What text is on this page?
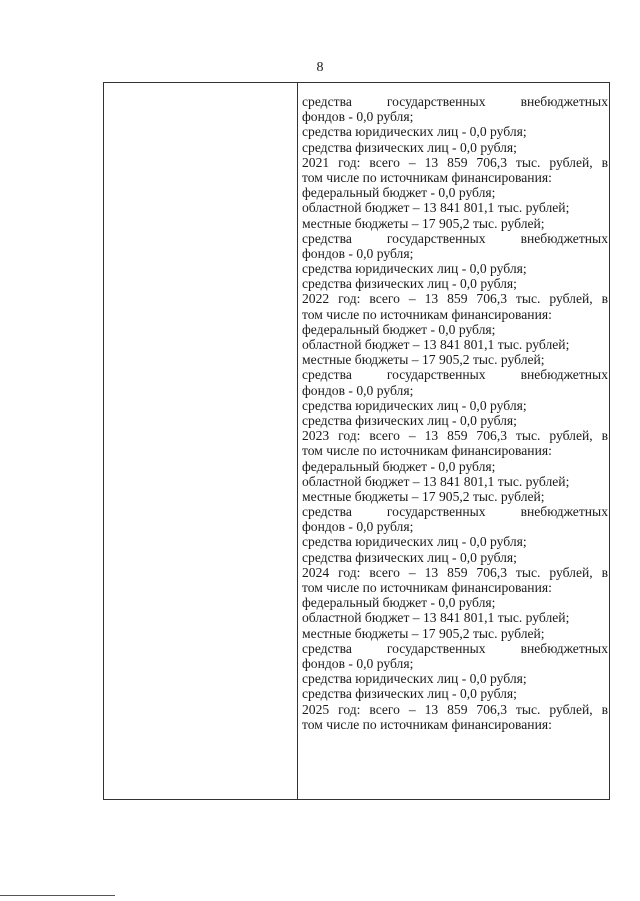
8
средства государственных внебюджетных
фондов - 0,0 рубля;
средства юридических лиц - 0,0 рубля;
средства физических лиц - 0,0 рубля;
2021 год: всего – 13 859 706,3 тыс. рублей, в
том числе по источникам финансирования:
федеральный бюджет - 0,0 рубля;
областной бюджет – 13 841 801,1 тыс. рублей;
местные бюджеты – 17 905,2 тыс. рублей;
средства государственных внебюджетных
фондов - 0,0 рубля;
средства юридических лиц - 0,0 рубля;
средства физических лиц - 0,0 рубля;
2022 год: всего – 13 859 706,3 тыс. рублей, в
том числе по источникам финансирования:
федеральный бюджет - 0,0 рубля;
областной бюджет – 13 841 801,1 тыс. рублей;
местные бюджеты – 17 905,2 тыс. рублей;
средства государственных внебюджетных
фондов - 0,0 рубля;
средства юридических лиц - 0,0 рубля;
средства физических лиц - 0,0 рубля;
2023 год: всего – 13 859 706,3 тыс. рублей, в
том числе по источникам финансирования:
федеральный бюджет - 0,0 рубля;
областной бюджет – 13 841 801,1 тыс. рублей;
местные бюджеты – 17 905,2 тыс. рублей;
средства государственных внебюджетных
фондов - 0,0 рубля;
средства юридических лиц - 0,0 рубля;
средства физических лиц - 0,0 рубля;
2024 год: всего – 13 859 706,3 тыс. рублей, в
том числе по источникам финансирования:
федеральный бюджет - 0,0 рубля;
областной бюджет – 13 841 801,1 тыс. рублей;
местные бюджеты – 17 905,2 тыс. рублей;
средства государственных внебюджетных
фондов - 0,0 рубля;
средства юридических лиц - 0,0 рубля;
средства физических лиц - 0,0 рубля;
2025 год: всего – 13 859 706,3 тыс. рублей, в
том числе по источникам финансирования:
